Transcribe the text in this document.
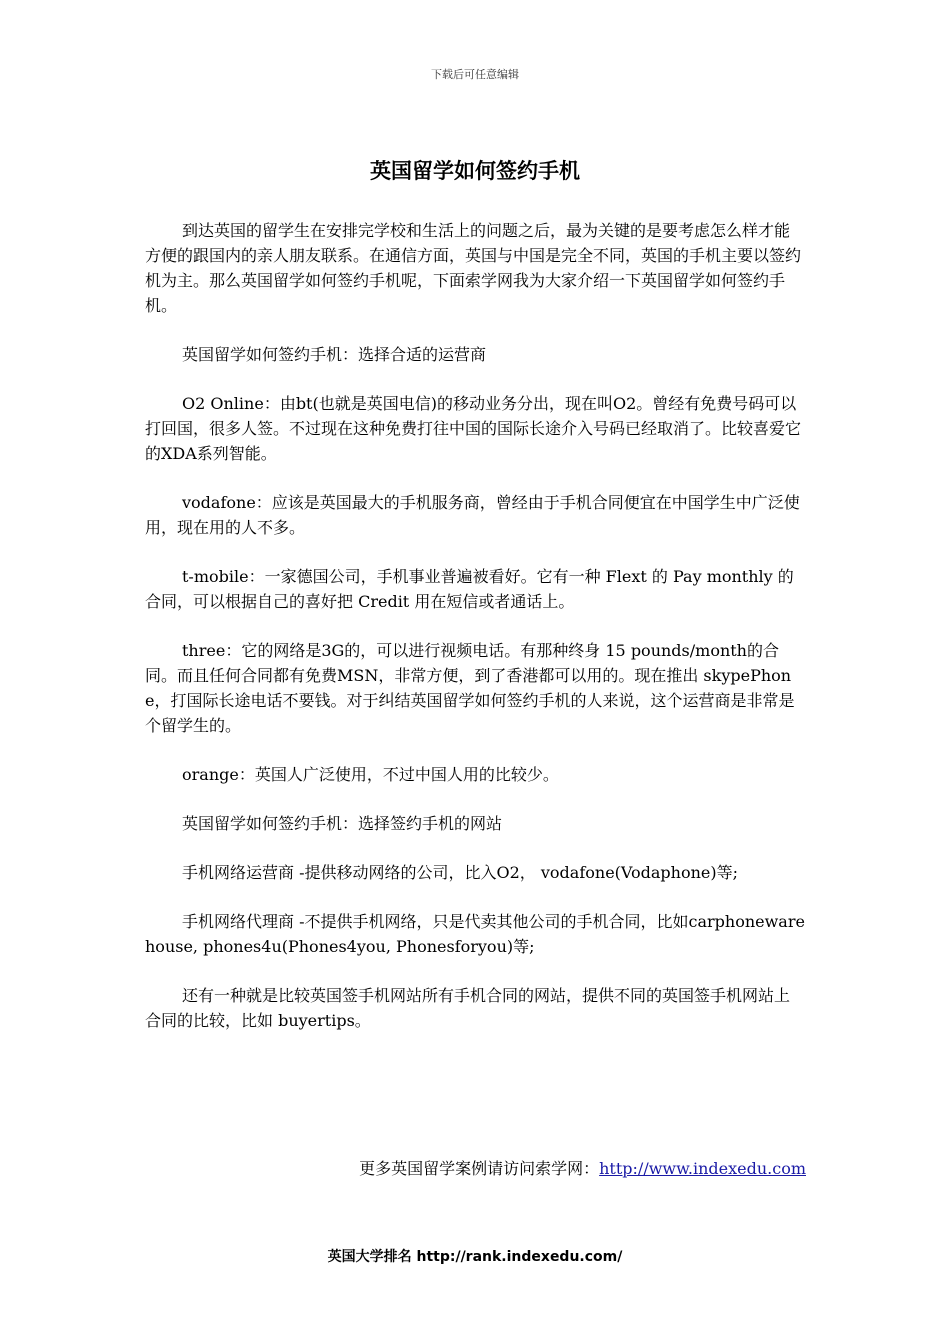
下载后可任意编辑
英国留学如何签约手机

到达英国的留学生在安排完学校和生活上的问题之后，最为关键的是要考虑怎么样才能方便的跟国内的亲人朋友联系。在通信方面，英国与中国是完全不同，英国的手机主要以签约机为主。那么英国留学如何签约手机呢，下面索学网我为大家介绍一下英国留学如何签约手机。

英国留学如何签约手机：选择合适的运营商

O2 Online：由bt(也就是英国电信)的移动业务分出，现在叫O2。曾经有免费号码可以打回国，很多人签。不过现在这种免费打往中国的国际长途介入号码已经取消了。比较喜爱它的XDA系列智能。

vodafone：应该是英国最大的手机服务商，曾经由于手机合同便宜在中国学生中广泛使用，现在用的人不多。

t-mobile：一家德国公司，手机事业普遍被看好。它有一种 Flext 的 Pay monthly 的合同，可以根据自己的喜好把 Credit 用在短信或者通话上。

three：它的网络是3G的，可以进行视频电话。有那种终身 15 pounds/month的合同。而且任何合同都有免费MSN，非常方便，到了香港都可以用的。现在推出 skypePhone，打国际长途电话不要钱。对于纠结英国留学如何签约手机的人来说，这个运营商是非常是个留学生的。

orange：英国人广泛使用，不过中国人用的比较少。

英国留学如何签约手机：选择签约手机的网站

手机网络运营商 -提供移动网络的公司，比入O2， vodafone(Vodaphone)等;

手机网络代理商 -不提供手机网络，只是代卖其他公司的手机合同，比如carphonewarehouse, phones4u(Phones4you, Phonesforyou)等;

还有一种就是比较英国签手机网站所有手机合同的网站，提供不同的英国签手机网站上合同的比较，比如 buyertips。

更多英国留学案例请访问索学网：http://www.indexedu.com
英国大学排名 http://rank.indexedu.com/
